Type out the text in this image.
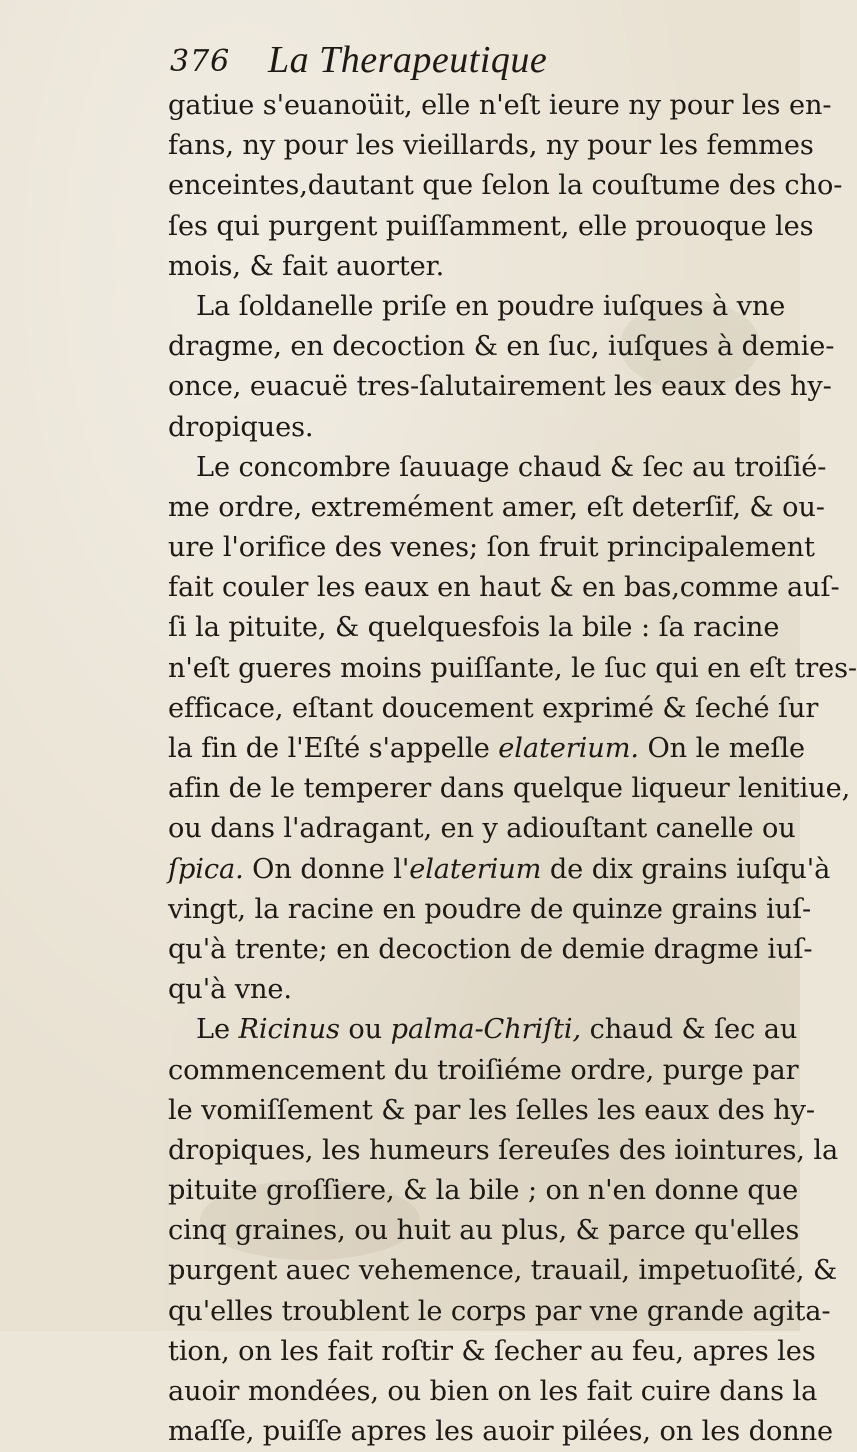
376 La Therapeutique
gatiue s'euanoüit, elle n'eſt ieure ny pour les en-
fans, ny pour les vieillards, ny pour les femmes
enceintes,dautant que ſelon la couſtume des cho-
ſes qui purgent puiſſamment, elle prouoque les
mois, & fait auorter.
La ſoldanelle priſe en poudre iuſques à vne
dragme, en decoction & en ſuc, iuſques à demie-
once, euacuë tres-ſalutairement les eaux des hy-
dropiques.
Le concombre ſauuage chaud & ſec au troiſié-
me ordre, extremément amer, eſt deterſif, & ou-
ure l'orifice des venes; ſon fruit principalement
fait couler les eaux en haut & en bas,comme auſ-
ſi la pituite, & quelquesfois la bile : ſa racine
n'eſt gueres moins puiſſante, le ſuc qui en eſt tres-
efficace, eſtant doucement exprimé & ſeché ſur
la fin de l'Eſté s'appelle elaterium. On le meſle
afin de le temperer dans quelque liqueur lenitiue,
ou dans l'adragant, en y adiouſtant canelle ou
ſpica. On donne l'elaterium de dix grains iuſqu'à
vingt, la racine en poudre de quinze grains iuſ-
qu'à trente; en decoction de demie dragme iuſ-
qu'à vne.
Le Ricinus ou palma-Chriſti, chaud & ſec au
commencement du troiſiéme ordre, purge par
le vomiſſement & par les ſelles les eaux des hy-
dropiques, les humeurs ſereuſes des iointures, la
pituite groſſiere, & la bile ; on n'en donne que
cinq graines, ou huit au plus, & parce qu'elles
purgent auec vehemence, trauail, impetuoſité, &
qu'elles troublent le corps par vne grande agita-
tion, on les fait roſtir & ſecher au feu, apres les
auoir mondées, ou bien on les fait cuire dans la
maſſe, puiſſe apres les auoir pilées, on les donne
